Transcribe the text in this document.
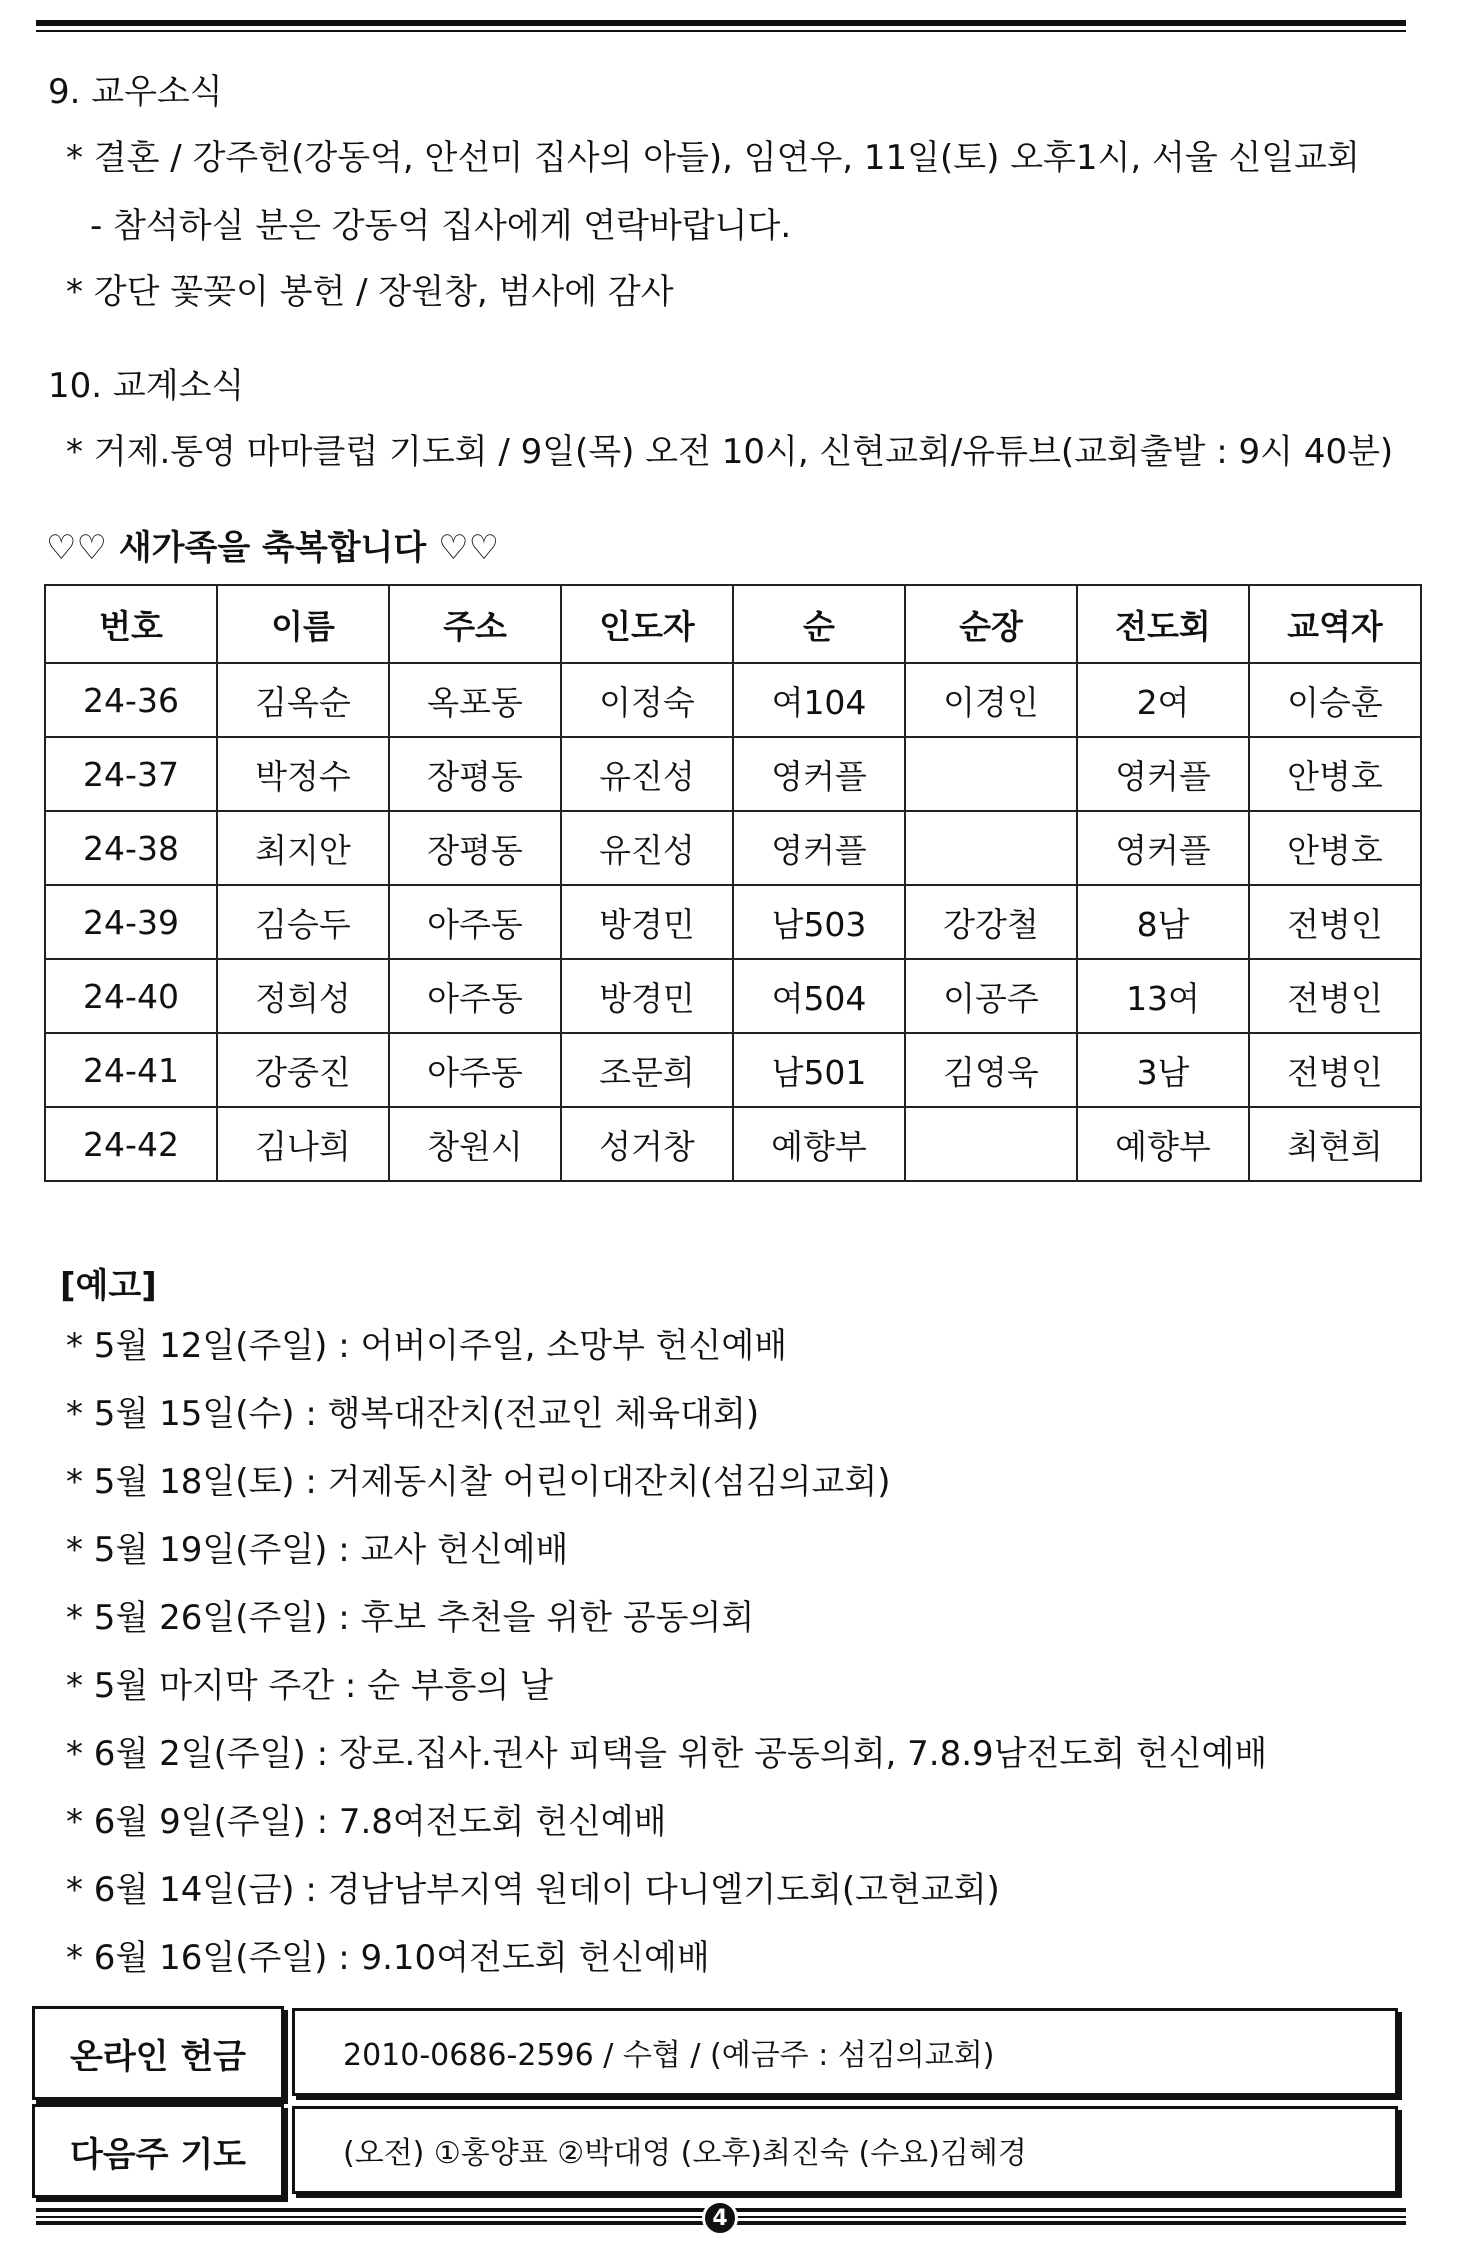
9. 교우소식
* 결혼 / 강주헌(강동억, 안선미 집사의 아들), 임연우, 11일(토) 오후1시, 서울 신일교회
- 참석하실 분은 강동억 집사에게 연락바랍니다.
* 강단 꽃꽂이 봉헌 / 장원창, 범사에 감사
10. 교계소식
* 거제.통영 마마클럽 기도회 / 9일(목) 오전 10시, 신현교회/유튜브(교회출발 : 9시 40분)
♡♡ 새가족을 축복합니다 ♡♡
번호	이름	주소	인도자	순	순장	전도회	교역자
24-36	김옥순	옥포동	이정숙	여104	이경인	2여	이승훈
24-37	박정수	장평동	유진성	영커플		영커플	안병호
24-38	최지안	장평동	유진성	영커플		영커플	안병호
24-39	김승두	아주동	방경민	남503	강강철	8남	전병인
24-40	정희성	아주동	방경민	여504	이공주	13여	전병인
24-41	강중진	아주동	조문희	남501	김영욱	3남	전병인
24-42	김나희	창원시	성거창	예향부		예향부	최현희
[예고]
* 5월 12일(주일) : 어버이주일, 소망부 헌신예배
* 5월 15일(수) : 행복대잔치(전교인 체육대회)
* 5월 18일(토) : 거제동시찰 어린이대잔치(섬김의교회)
* 5월 19일(주일) : 교사 헌신예배
* 5월 26일(주일) : 후보 추천을 위한 공동의회
* 5월 마지막 주간 : 순 부흥의 날
* 6월 2일(주일) : 장로.집사.권사 피택을 위한 공동의회, 7.8.9남전도회 헌신예배
* 6월 9일(주일) : 7.8여전도회 헌신예배
* 6월 14일(금) : 경남남부지역 원데이 다니엘기도회(고현교회)
* 6월 16일(주일) : 9.10여전도회 헌신예배
온라인 헌금	2010-0686-2596 / 수협 / (예금주 : 섬김의교회)
다음주 기도	(오전) ①홍양표 ②박대영 (오후)최진숙 (수요)김혜경
4
